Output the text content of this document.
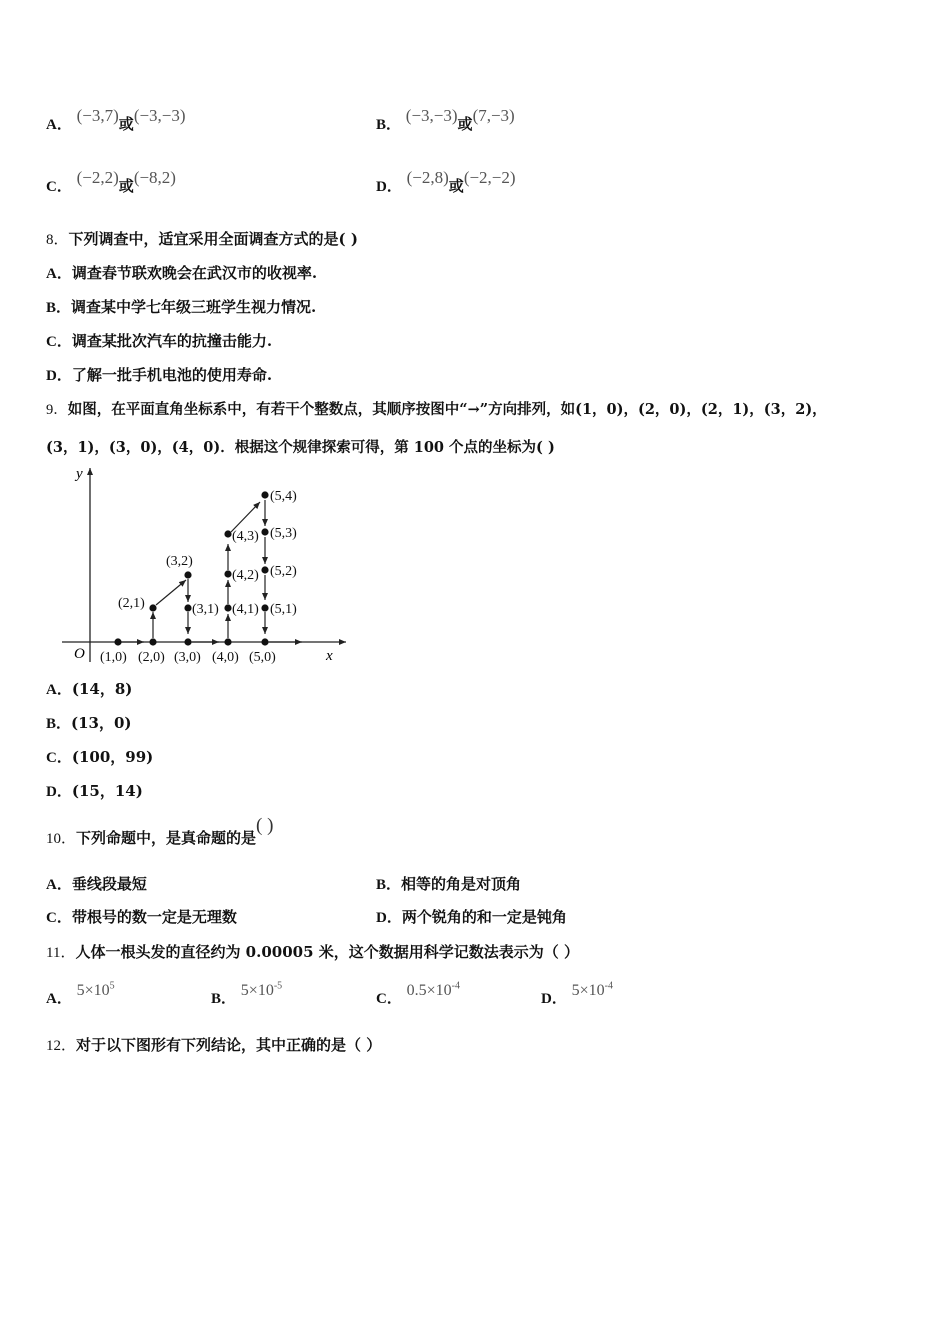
A． (−3,7)或(−3,−3)	B． (−3,−3)或(7,−3)
C． (−2,2)或(−8,2)	D． (−2,8)或(−2,−2)
8．下列调查中，适宜采用全面调查方式的是( )
A．调查春节联欢晚会在武汉市的收视率.
B．调查某中学七年级三班学生视力情况.
C．调查某批次汽车的抗撞击能力.
D．了解一批手机电池的使用寿命.
9．如图，在平面直角坐标系中，有若干个整数点，其顺序按图中“→”方向排列，如(1，0)，(2，0)，(2，1)，(3，2)，
(3，1)，(3，0)，(4，0)．根据这个规律探索可得，第 100 个点的坐标为( )
y
x
O (1,0) (2,0) (3,0) (4,0) (5,0)
(2,1)
(3,2)
(3,1) (4,1)
(4,2)
(4,3)
(5,4)
(5,3)
(5,2)
(5,1)
A．(14，8)
B．(13，0)
C．(100，99)
D．(15，14)
10．下列命题中，是真命题的是( )
A．垂线段最短	B．相等的角是对顶角
C．带根号的数一定是无理数	D．两个锐角的和一定是钝角
11．人体一根头发的直径约为 0.00005 米，这个数据用科学记数法表示为（ ）
A． $5\times 10^5$
B． $5\times 10^{-5}$
C． $0.5\times 10^{-4}$
D． $5\times 10^{-4}$
12．对于以下图形有下列结论，其中正确的是（ ）
